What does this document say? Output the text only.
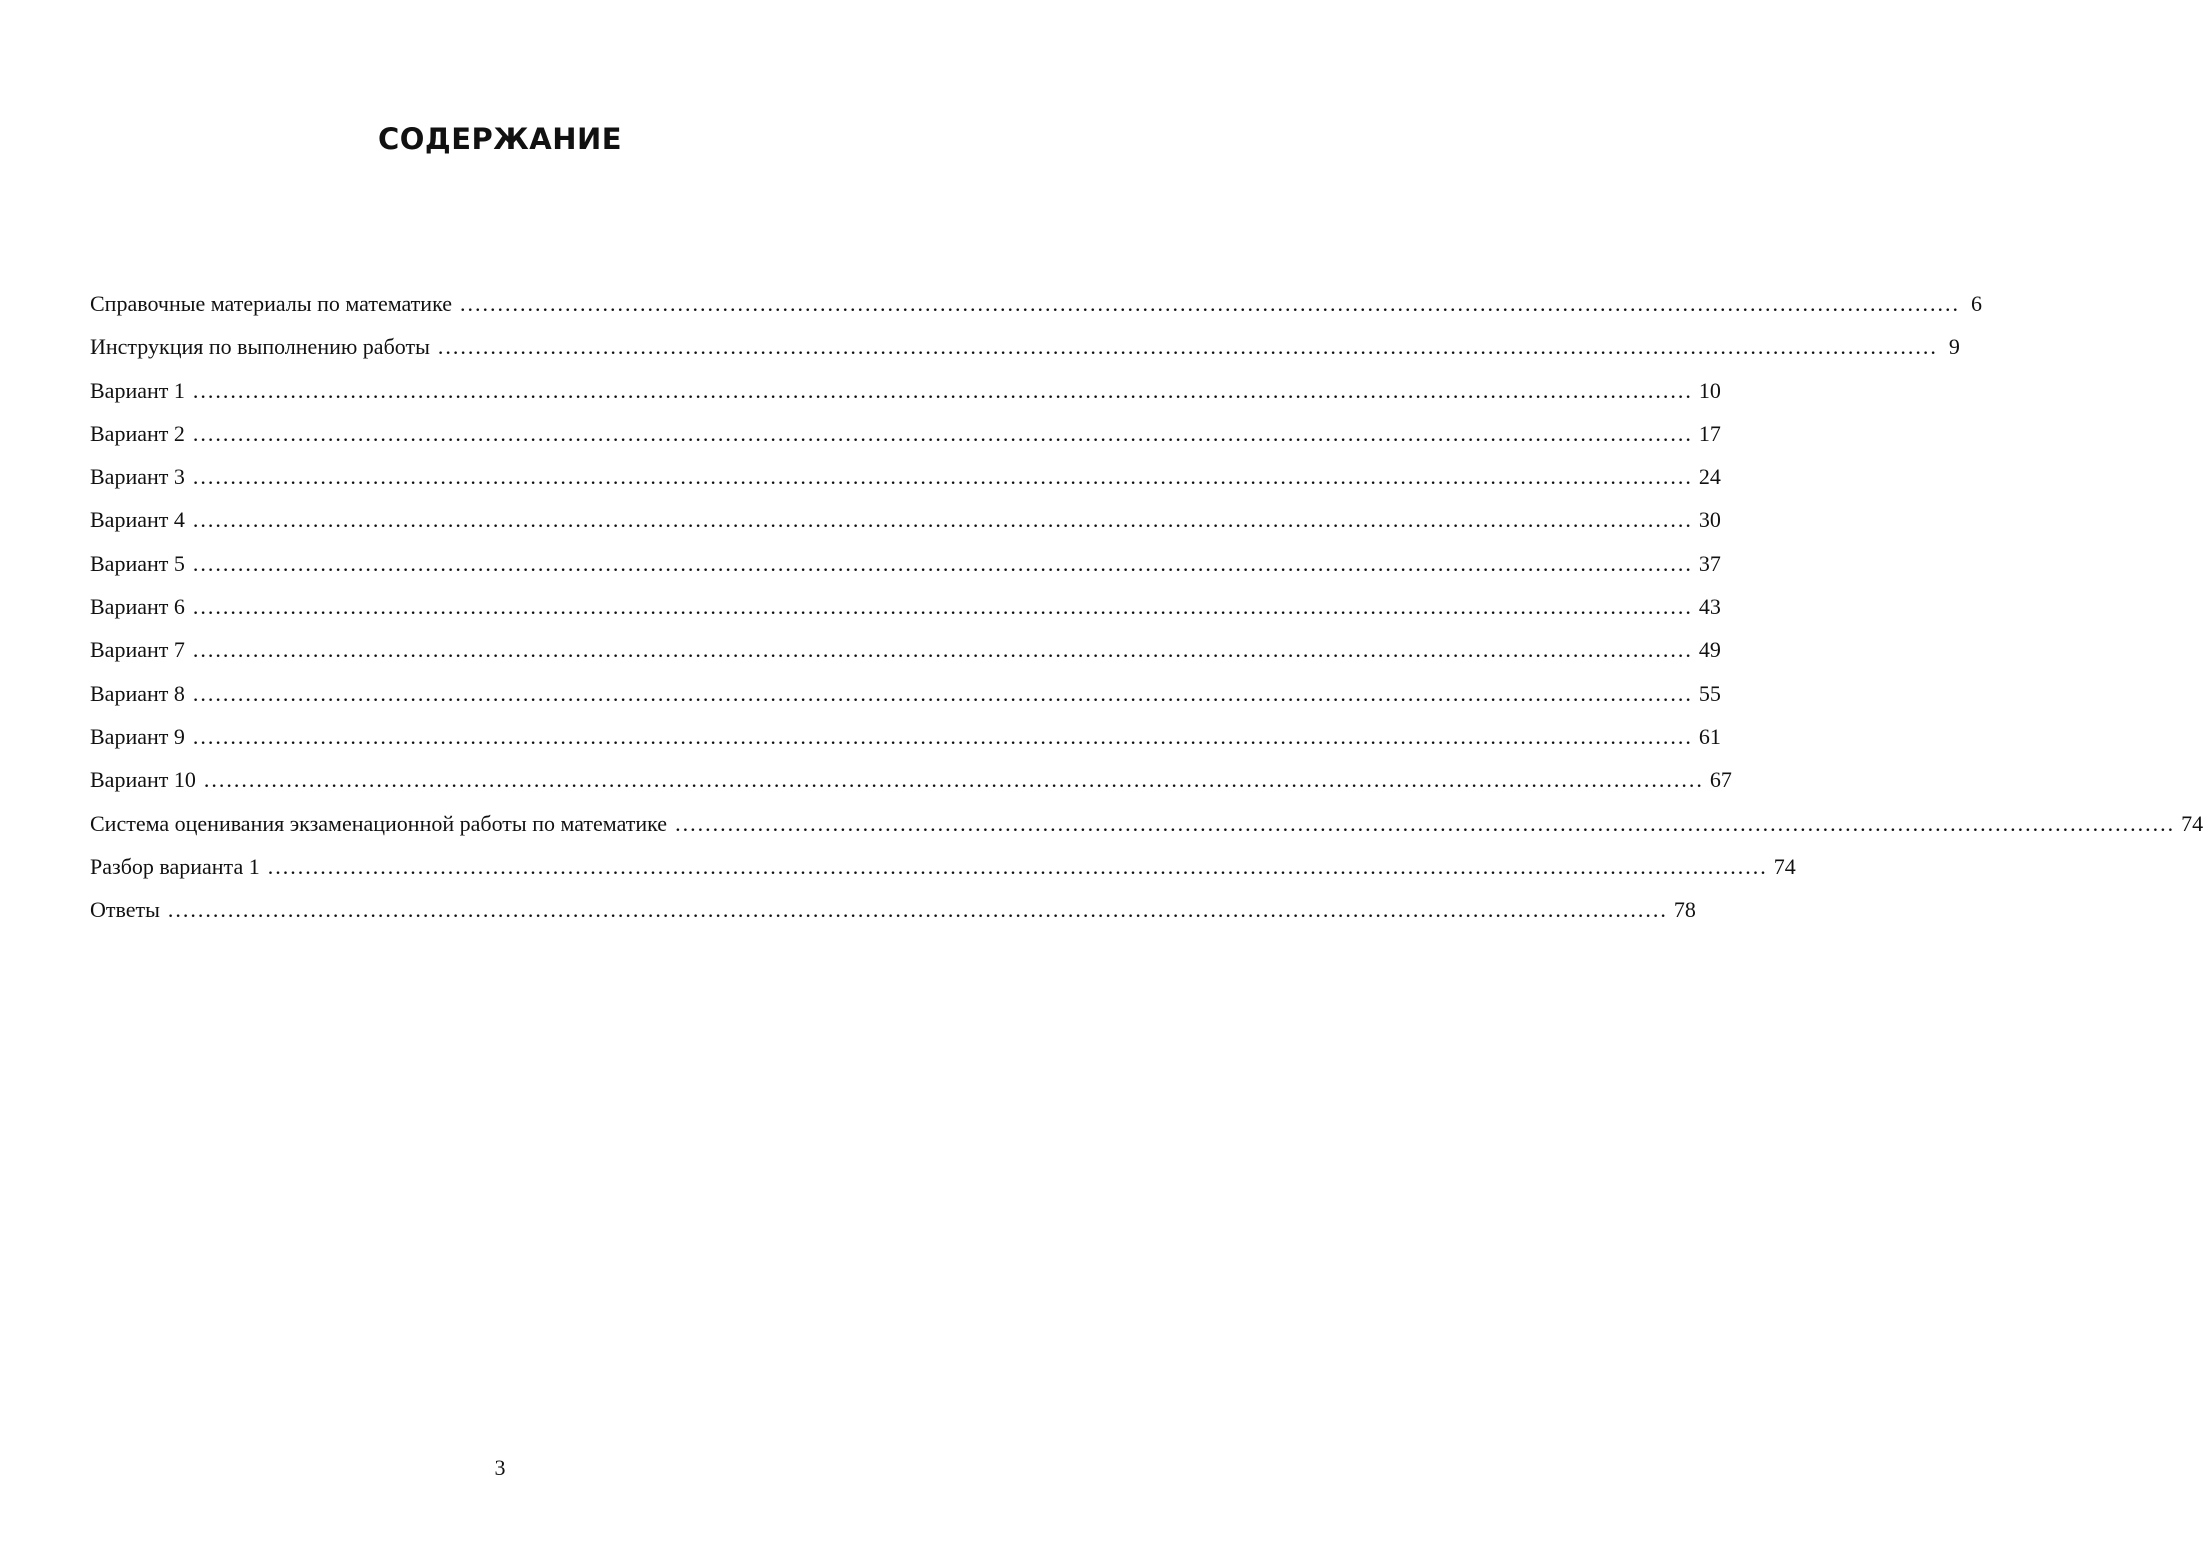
СОДЕРЖАНИЕ
Справочные материалы по математике ........................................................................................................................................................................................................ 6
Инструкция по выполнению работы ........................................................................................................................................................................................................ 9
Вариант 1 ........................................................................................................................................................................................................ 10
Вариант 2 ........................................................................................................................................................................................................ 17
Вариант 3 ........................................................................................................................................................................................................ 24
Вариант 4 ........................................................................................................................................................................................................ 30
Вариант 5 ........................................................................................................................................................................................................ 37
Вариант 6 ........................................................................................................................................................................................................ 43
Вариант 7 ........................................................................................................................................................................................................ 49
Вариант 8 ........................................................................................................................................................................................................ 55
Вариант 9 ........................................................................................................................................................................................................ 61
Вариант 10 ........................................................................................................................................................................................................ 67
Система оценивания экзаменационной работы по математике ........................................................................................................................................................................................................ 74
Разбор варианта 1 ........................................................................................................................................................................................................ 74
Ответы ........................................................................................................................................................................................................ 78
3
